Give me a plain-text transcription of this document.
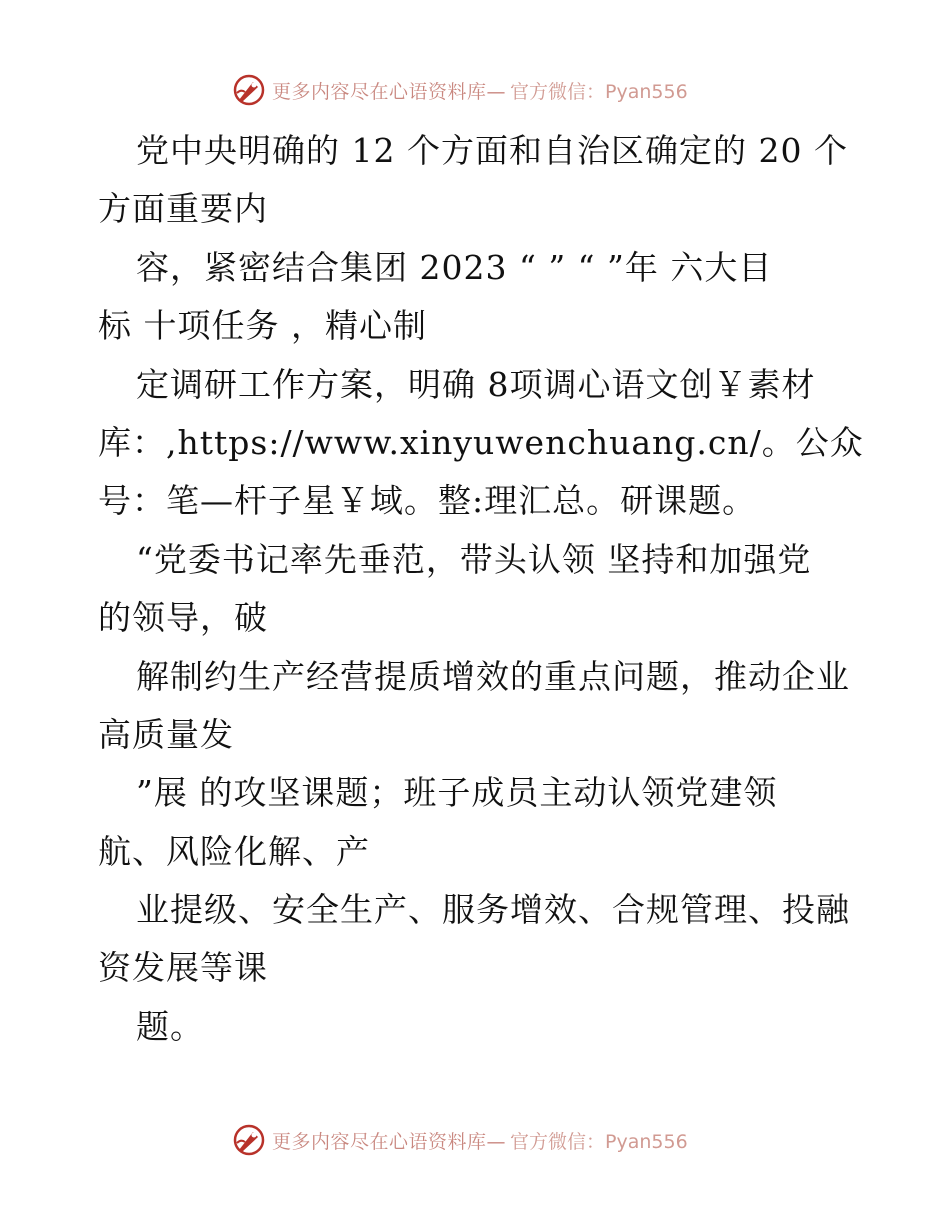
更多内容尽在心语资料库— 官方微信：Pyan556
党中央明确的 12 个方面和自治区确定的 20 个
方面重要内
容，紧密结合集团 2023 “ ” “ ”年 六大目
标 十项任务 ，精心制
定调研工作方案，明确 8项调心语文创￥素材
库：,https://www.xinyuwenchuang.cn/。公众
号：笔—杆子星￥域。整:理汇总。研课题。
“党委书记率先垂范，带头认领 坚持和加强党
的领导，破
解制约生产经营提质增效的重点问题，推动企业
高质量发
”展 的攻坚课题；班子成员主动认领党建领
航、风险化解、产
业提级、安全生产、服务增效、合规管理、投融
资发展等课
题。
更多内容尽在心语资料库— 官方微信：Pyan556
